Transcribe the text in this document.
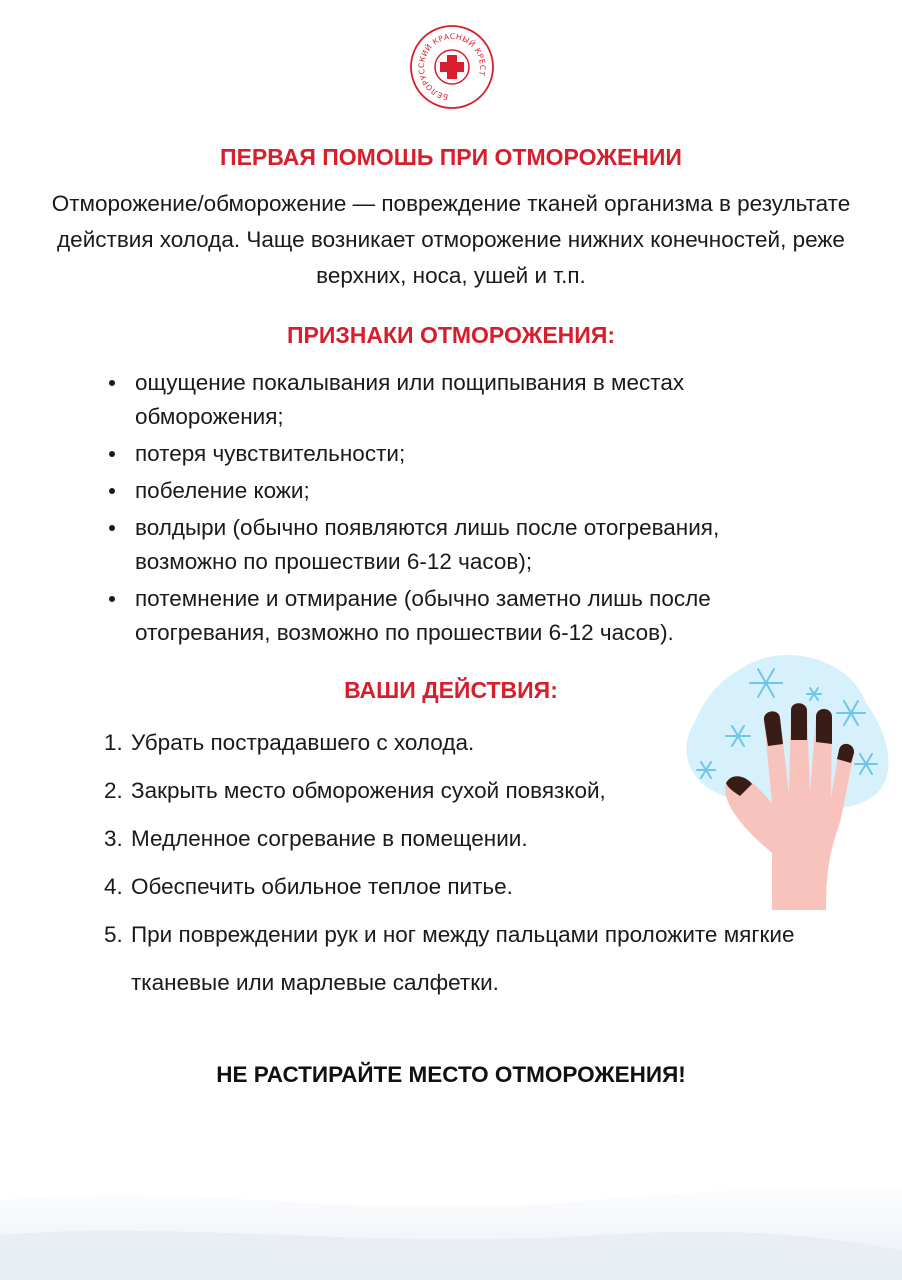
БЕЛОРУССКИЙ КРАСНЫЙ КРЕСТ
ПЕРВАЯ ПОМОШЬ ПРИ ОТМОРОЖЕНИИ

Отморожение/обморожение — повреждение тканей организма в результате действия холода. Чаще возникает отморожение нижних конечностей, реже верхних, носа, ушей и т.п.

ПРИЗНАКИ ОТМОРОЖЕНИЯ:
ощущение покалывания или пощипывания в местах обморожения;
потеря чувствительности;
побеление кожи;
волдыри (обычно появляются лишь после отогревания, возможно по прошествии 6-12 часов);
потемнение и отмирание (обычно заметно лишь после отогревания, возможно по прошествии 6-12 часов).
ВАШИ ДЕЙСТВИЯ:
1. Убрать пострадавшего с холода.
2. Закрыть место обморожения сухой повязкой,
3. Медленное согревание в помещении.
4. Обеспечить обильное теплое питье.
5. При повреждении рук и ног между пальцами проложите мягкие тканевые или марлевые салфетки.

НЕ РАСТИРАЙТЕ МЕСТО ОТМОРОЖЕНИЯ!
